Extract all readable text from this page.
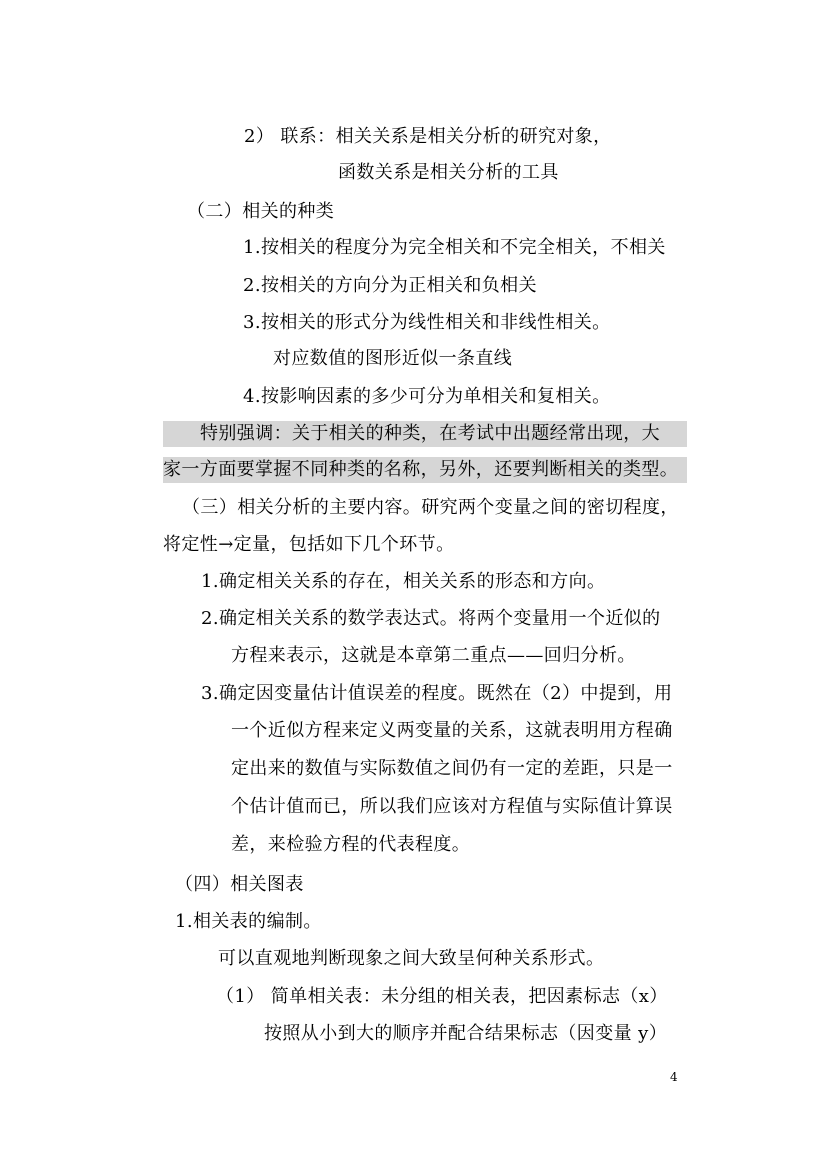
2） 联系：相关关系是相关分析的研究对象，
函数关系是相关分析的工具
（二）相关的种类
1.按相关的程度分为完全相关和不完全相关，不相关
2.按相关的方向分为正相关和负相关
3.按相关的形式分为线性相关和非线性相关。
对应数值的图形近似一条直线
4.按影响因素的多少可分为单相关和复相关。
特别强调：关于相关的种类，在考试中出题经常出现，大
家一方面要掌握不同种类的名称，另外，还要判断相关的类型。
（三）相关分析的主要内容。研究两个变量之间的密切程度，
将定性→定量，包括如下几个环节。
1.确定相关关系的存在，相关关系的形态和方向。
2.确定相关关系的数学表达式。将两个变量用一个近似的
方程来表示，这就是本章第二重点——回归分析。
3.确定因变量估计值误差的程度。既然在（2）中提到，用
一个近似方程来定义两变量的关系，这就表明用方程确
定出来的数值与实际数值之间仍有一定的差距，只是一
个估计值而已，所以我们应该对方程值与实际值计算误
差，来检验方程的代表程度。
（四）相关图表
1.相关表的编制。
可以直观地判断现象之间大致呈何种关系形式。
（1） 简单相关表：未分组的相关表，把因素标志（x）
按照从小到大的顺序并配合结果标志（因变量 y）
4
